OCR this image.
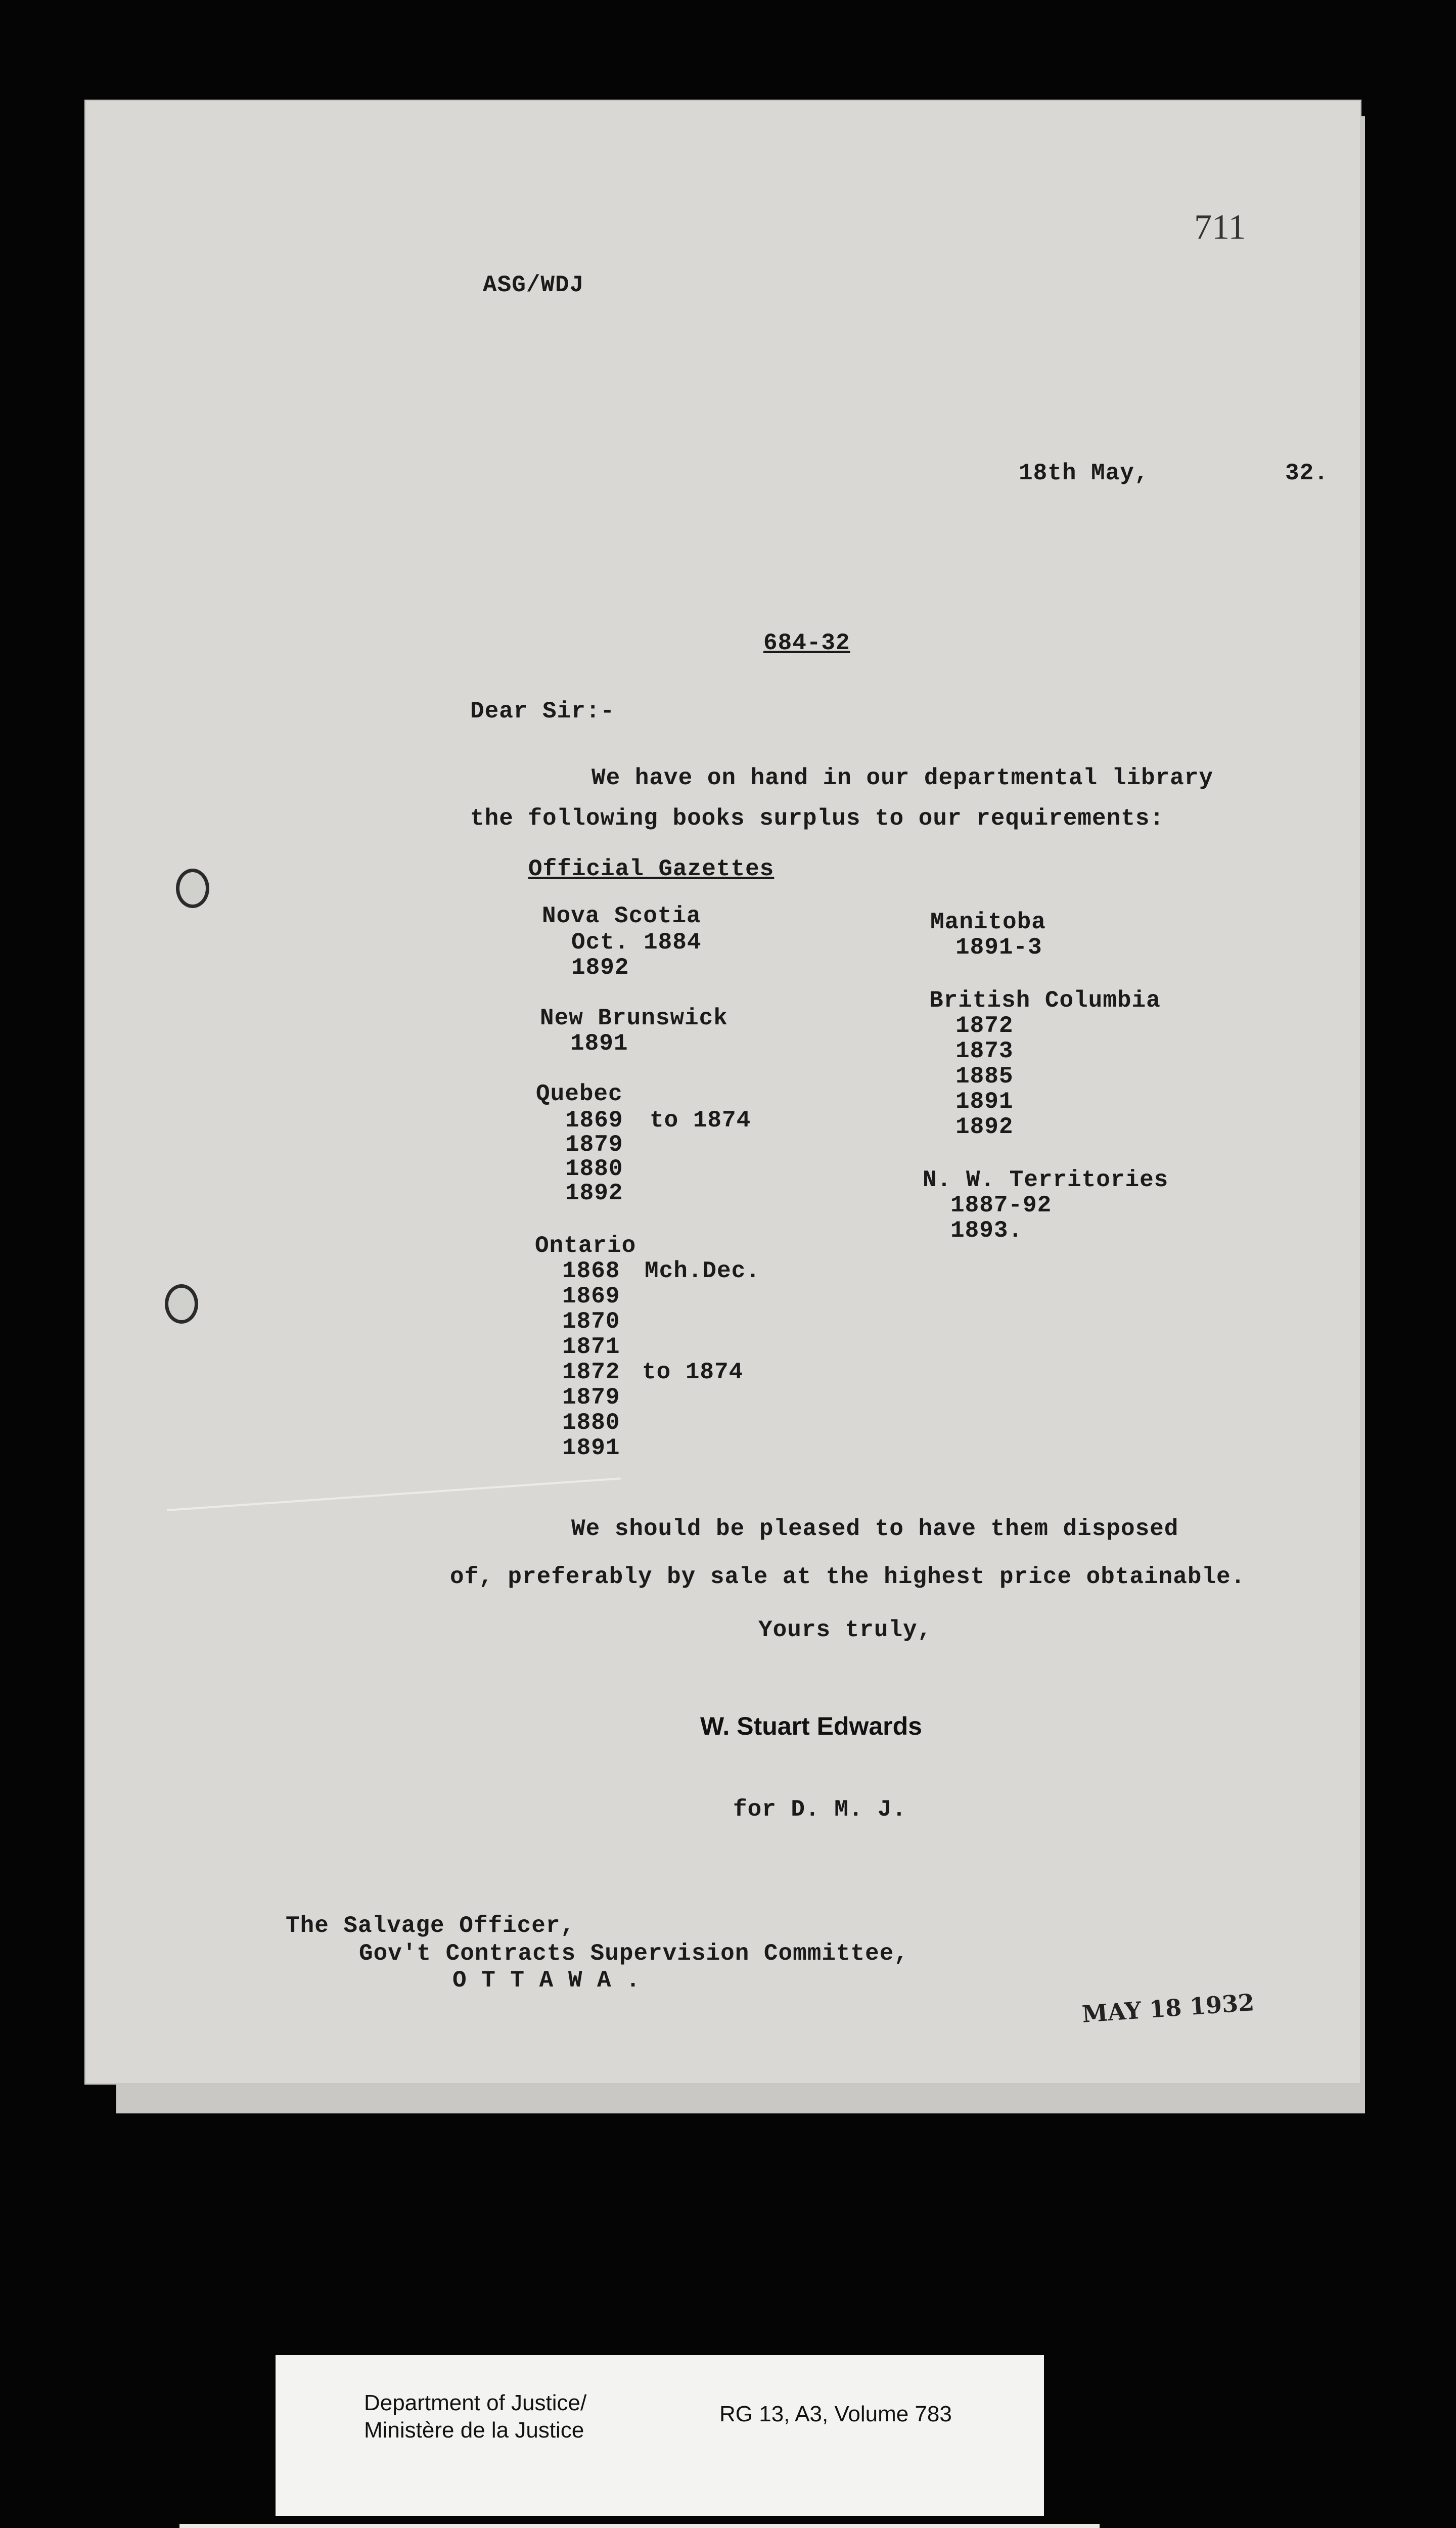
711
ASG/WDJ
18th May,	32.
684-32
Dear Sir:-
We have on hand in our departmental library
the following books surplus to our requirements:
Official Gazettes
Nova Scotia
Oct. 1884
1892
New Brunswick
1891
Quebec
1869 to 1874
1879
1880
1892
Ontario
1868 Mch.Dec.
1869
1870
1871
1872 to 1874
1879
1880
1891
Manitoba
1891-3
British Columbia
1872
1873
1885
1891
1892
N. W. Territories
1887-92
1893.
We should be pleased to have them disposed
of, preferably by sale at the highest price obtainable.
Yours truly,
W. Stuart Edwards
for D. M. J.
The Salvage Officer,
Gov't Contracts Supervision Committee,
O T T A W A .
MAY 18 1932
Department of Justice/
Ministère de la Justice
RG 13, A3, Volume 783
